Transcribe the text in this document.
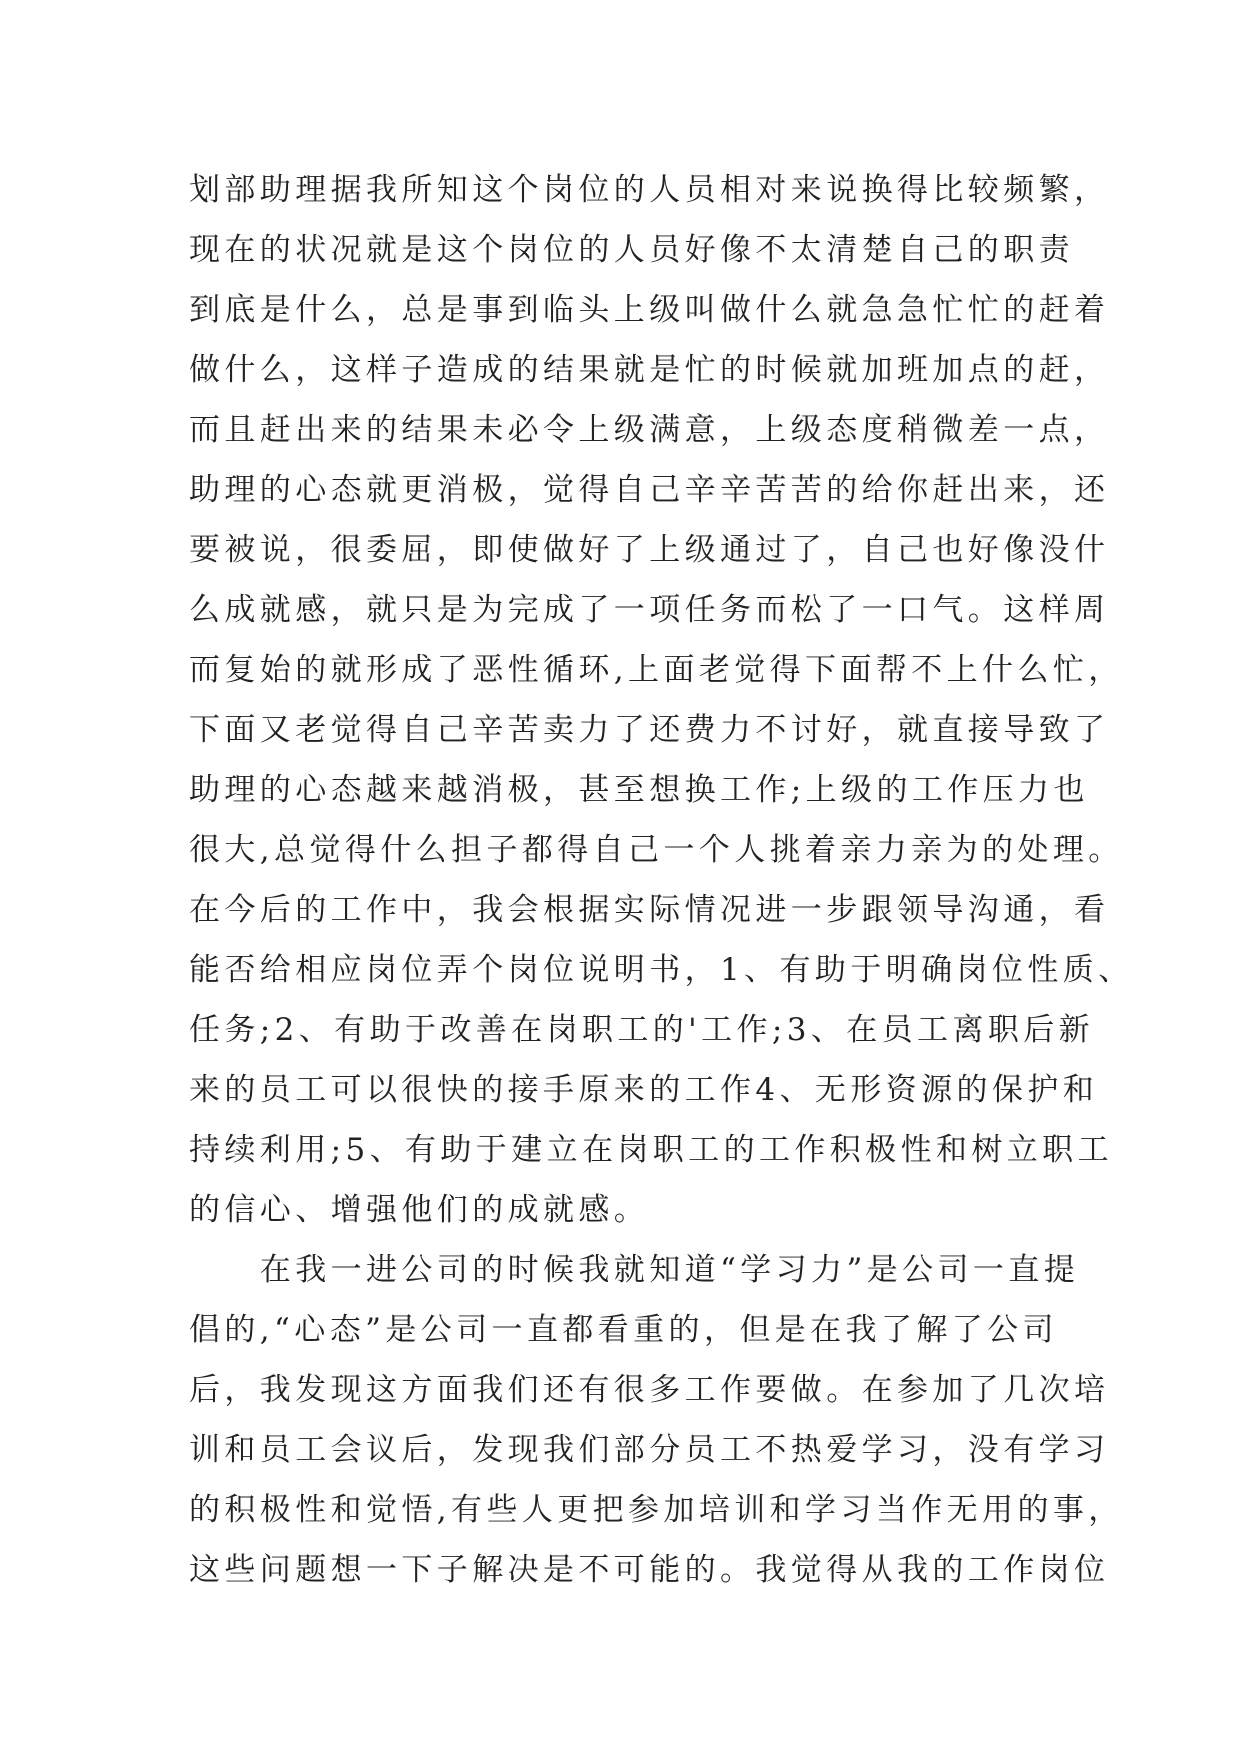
划部助理据我所知这个岗位的人员相对来说换得比较频繁，
现在的状况就是这个岗位的人员好像不太清楚自己的职责
到底是什么，总是事到临头上级叫做什么就急急忙忙的赶着
做什么，这样子造成的结果就是忙的时候就加班加点的赶，
而且赶出来的结果未必令上级满意，上级态度稍微差一点，
助理的心态就更消极，觉得自己辛辛苦苦的给你赶出来，还
要被说，很委屈，即使做好了上级通过了，自己也好像没什
么成就感，就只是为完成了一项任务而松了一口气。这样周
而复始的就形成了恶性循环,上面老觉得下面帮不上什么忙，
下面又老觉得自己辛苦卖力了还费力不讨好，就直接导致了
助理的心态越来越消极，甚至想换工作;上级的工作压力也
很大,总觉得什么担子都得自己一个人挑着亲力亲为的处理。
在今后的工作中，我会根据实际情况进一步跟领导沟通，看
能否给相应岗位弄个岗位说明书，1、有助于明确岗位性质、
任务;2、有助于改善在岗职工的'工作;3、在员工离职后新
来的员工可以很快的接手原来的工作4、无形资源的保护和
持续利用;5、有助于建立在岗职工的工作积极性和树立职工
的信心、增强他们的成就感。
　　在我一进公司的时候我就知道“学习力”是公司一直提
倡的,“心态”是公司一直都看重的，但是在我了解了公司
后，我发现这方面我们还有很多工作要做。在参加了几次培
训和员工会议后，发现我们部分员工不热爱学习，没有学习
的积极性和觉悟,有些人更把参加培训和学习当作无用的事，
这些问题想一下子解决是不可能的。我觉得从我的工作岗位
